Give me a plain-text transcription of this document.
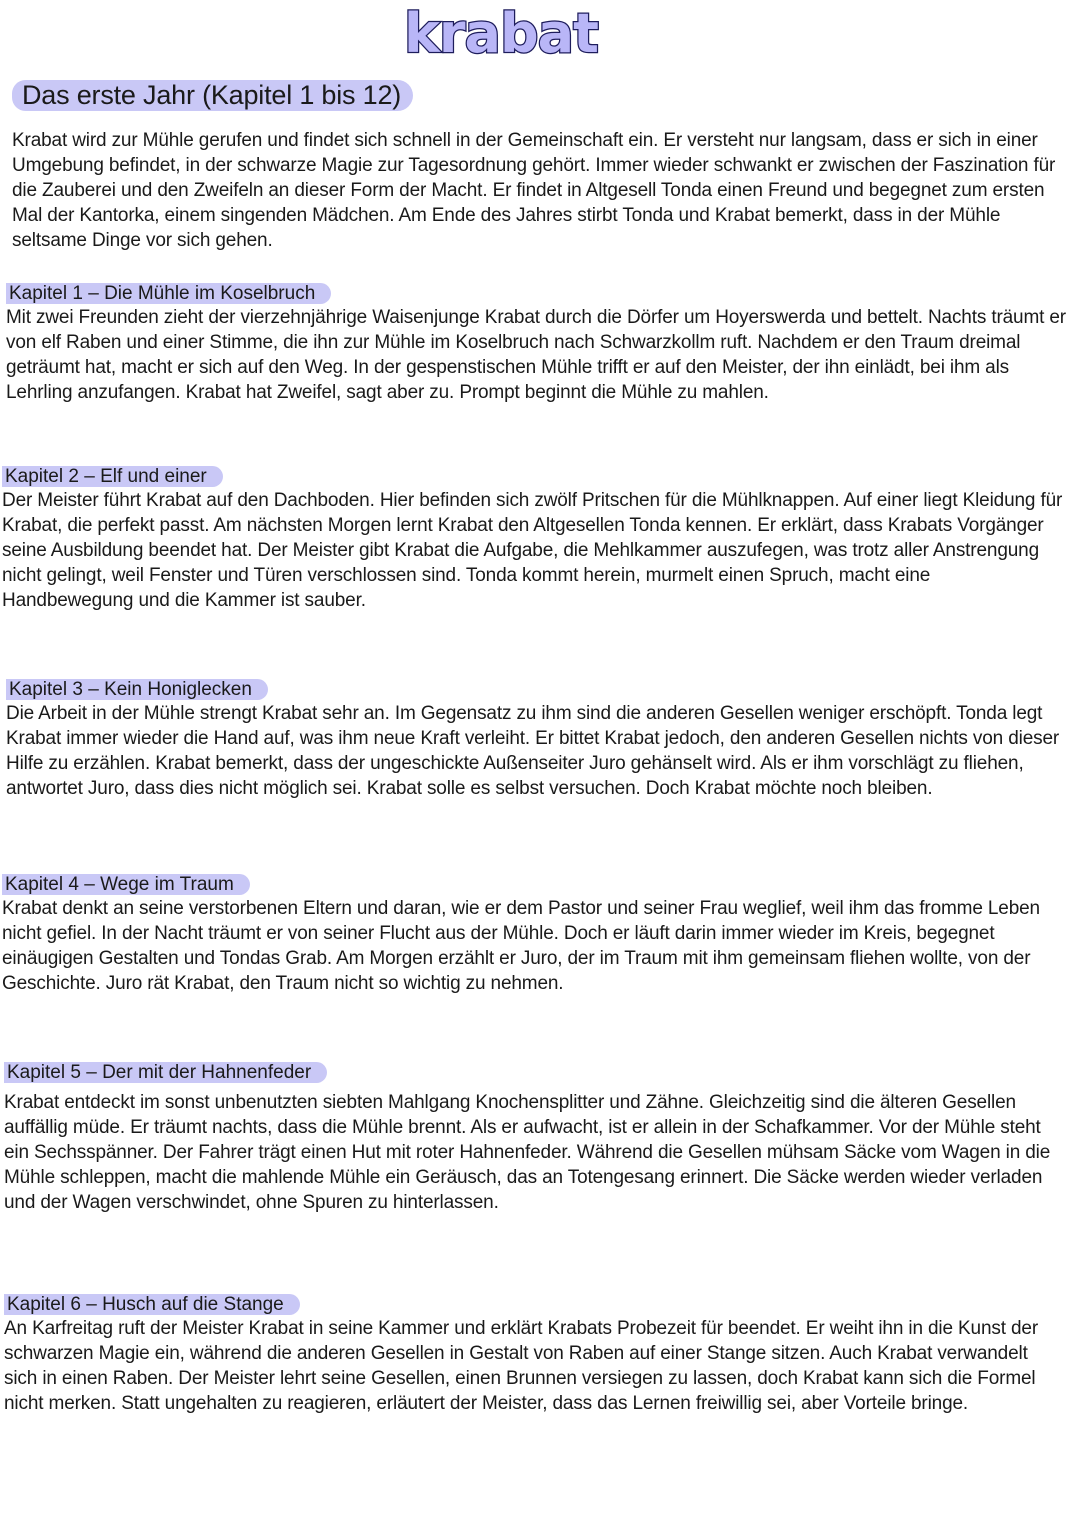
krabat
Das erste Jahr (Kapitel 1 bis 12)

Krabat wird zur Mühle gerufen und findet sich schnell in der Gemeinschaft ein. Er versteht nur langsam, dass er sich in einer Umgebung befindet, in der schwarze Magie zur Tagesordnung gehört. Immer wieder schwankt er zwischen der Faszination für die Zauberei und den Zweifeln an dieser Form der Macht. Er findet in Altgesell Tonda einen Freund und begegnet zum ersten Mal der Kantorka, einem singenden Mädchen. Am Ende des Jahres stirbt Tonda und Krabat bemerkt, dass in der Mühle seltsame Dinge vor sich gehen.

Kapitel 1 – Die Mühle im Koselbruch

Mit zwei Freunden zieht der vierzehnjährige Waisenjunge Krabat durch die Dörfer um Hoyerswerda und bettelt. Nachts träumt er von elf Raben und einer Stimme, die ihn zur Mühle im Koselbruch nach Schwarzkollm ruft. Nachdem er den Traum dreimal geträumt hat, macht er sich auf den Weg. In der gespenstischen Mühle trifft er auf den Meister, der ihn einlädt, bei ihm als Lehrling anzufangen. Krabat hat Zweifel, sagt aber zu. Prompt beginnt die Mühle zu mahlen.

Kapitel 2 – Elf und einer

Der Meister führt Krabat auf den Dachboden. Hier befinden sich zwölf Pritschen für die Mühlknappen. Auf einer liegt Kleidung für Krabat, die perfekt passt. Am nächsten Morgen lernt Krabat den Altgesellen Tonda kennen. Er erklärt, dass Krabats Vorgänger seine Ausbildung beendet hat. Der Meister gibt Krabat die Aufgabe, die Mehlkammer auszufegen, was trotz aller Anstrengung nicht gelingt, weil Fenster und Türen verschlossen sind. Tonda kommt herein, murmelt einen Spruch, macht eine Handbewegung und die Kammer ist sauber.

Kapitel 3 – Kein Honiglecken

Die Arbeit in der Mühle strengt Krabat sehr an. Im Gegensatz zu ihm sind die anderen Gesellen weniger erschöpft. Tonda legt Krabat immer wieder die Hand auf, was ihm neue Kraft verleiht. Er bittet Krabat jedoch, den anderen Gesellen nichts von dieser Hilfe zu erzählen. Krabat bemerkt, dass der ungeschickte Außenseiter Juro gehänselt wird. Als er ihm vorschlägt zu fliehen, antwortet Juro, dass dies nicht möglich sei. Krabat solle es selbst versuchen. Doch Krabat möchte noch bleiben.

Kapitel 4 – Wege im Traum

Krabat denkt an seine verstorbenen Eltern und daran, wie er dem Pastor und seiner Frau weglief, weil ihm das fromme Leben nicht gefiel. In der Nacht träumt er von seiner Flucht aus der Mühle. Doch er läuft darin immer wieder im Kreis, begegnet einäugigen Gestalten und Tondas Grab. Am Morgen erzählt er Juro, der im Traum mit ihm gemeinsam fliehen wollte, von der Geschichte. Juro rät Krabat, den Traum nicht so wichtig zu nehmen.

Kapitel 5 – Der mit der Hahnenfeder

Krabat entdeckt im sonst unbenutzten siebten Mahlgang Knochensplitter und Zähne. Gleichzeitig sind die älteren Gesellen auffällig müde. Er träumt nachts, dass die Mühle brennt. Als er aufwacht, ist er allein in der Schafkammer. Vor der Mühle steht ein Sechsspänner. Der Fahrer trägt einen Hut mit roter Hahnenfeder. Während die Gesellen mühsam Säcke vom Wagen in die Mühle schleppen, macht die mahlende Mühle ein Geräusch, das an Totengesang erinnert. Die Säcke werden wieder verladen und der Wagen verschwindet, ohne Spuren zu hinterlassen.

Kapitel 6 – Husch auf die Stange

An Karfreitag ruft der Meister Krabat in seine Kammer und erklärt Krabats Probezeit für beendet. Er weiht ihn in die Kunst der schwarzen Magie ein, während die anderen Gesellen in Gestalt von Raben auf einer Stange sitzen. Auch Krabat verwandelt sich in einen Raben. Der Meister lehrt seine Gesellen, einen Brunnen versiegen zu lassen, doch Krabat kann sich die Formel nicht merken. Statt ungehalten zu reagieren, erläutert der Meister, dass das Lernen freiwillig sei, aber Vorteile bringe.
